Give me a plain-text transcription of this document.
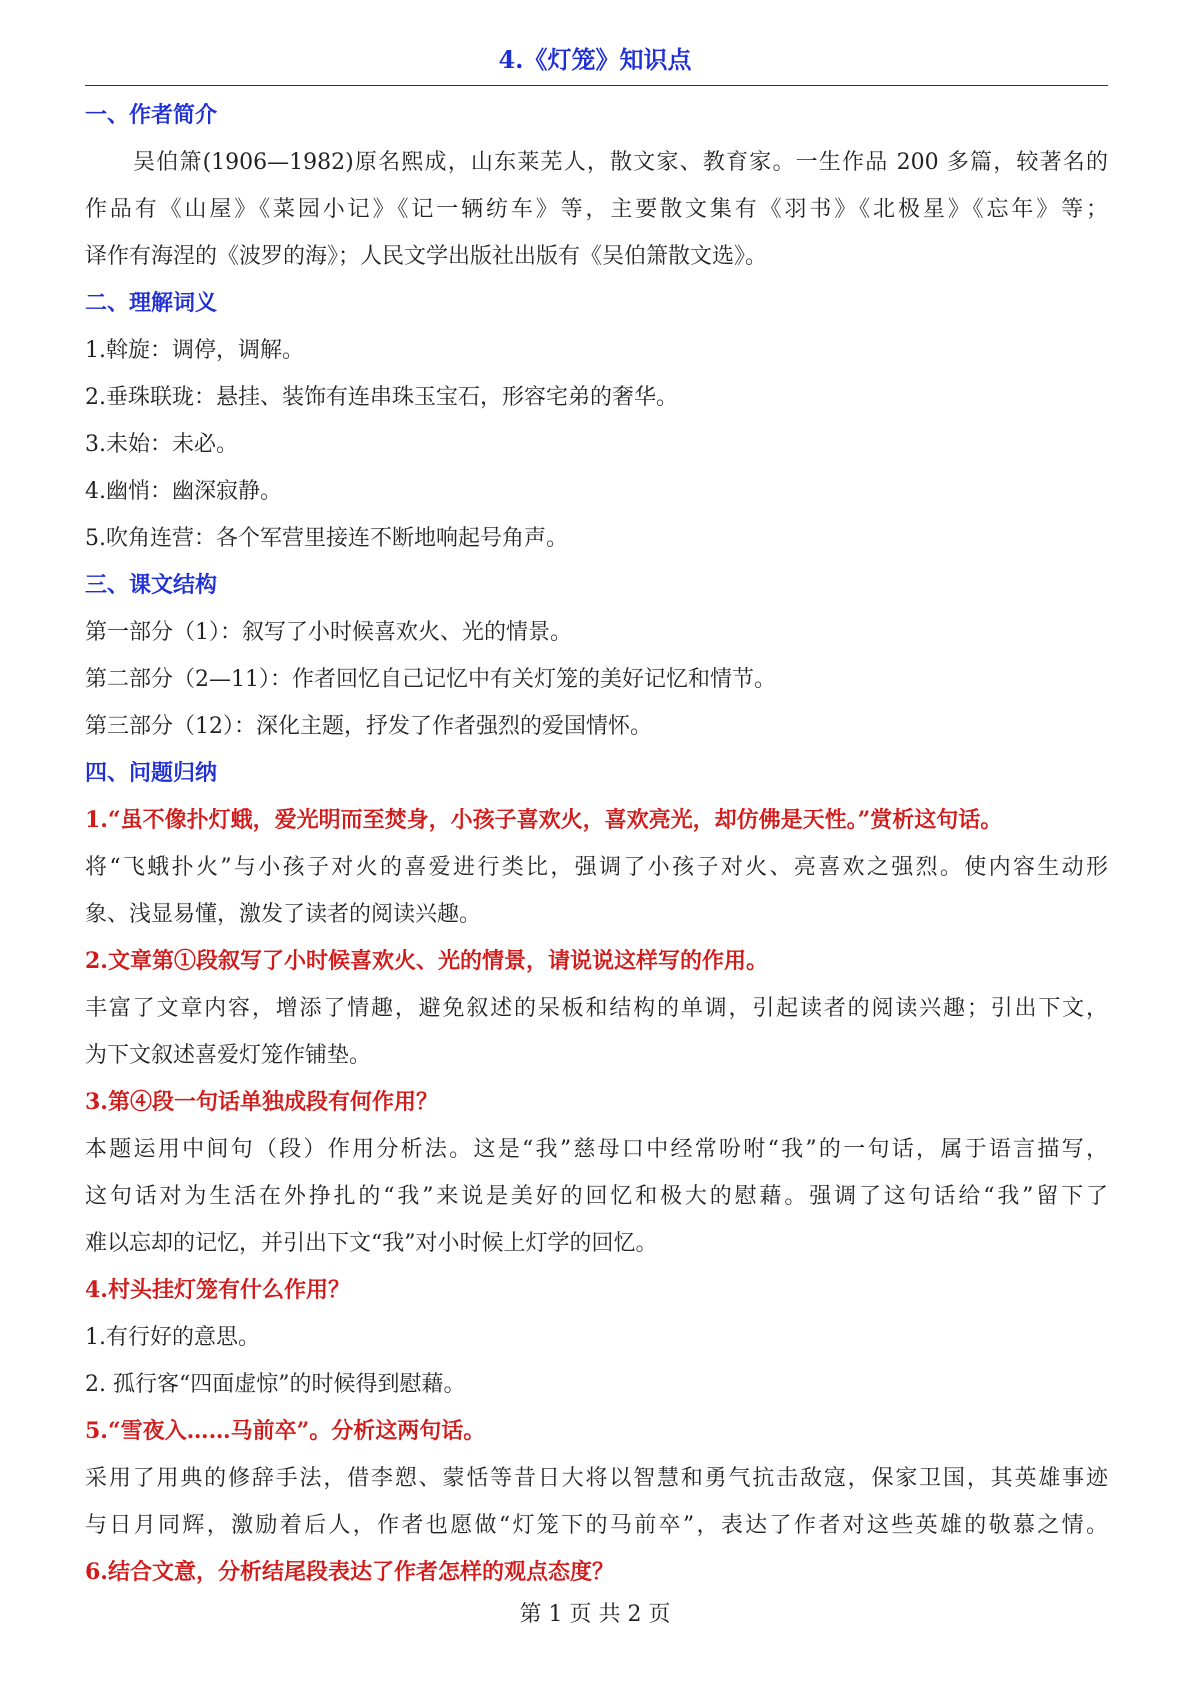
4.《灯笼》知识点
一、作者简介
吴伯箫(1906—1982)原名熙成，山东莱芜人，散文家、教育家。一生作品 200 多篇，较著名的
作品有《山屋》《菜园小记》《记一辆纺车》等，主要散文集有《羽书》《北极星》《忘年》等；
译作有海涅的《波罗的海》；人民文学出版社出版有《吴伯箫散文选》。
二、理解词义
1.斡旋：调停，调解。
2.垂珠联珑：悬挂、装饰有连串珠玉宝石，形容宅弟的奢华。
3.未始：未必。
4.幽悄：幽深寂静。
5.吹角连营：各个军营里接连不断地响起号角声。
三、课文结构
第一部分（1）：叙写了小时候喜欢火、光的情景。
第二部分（2—11）：作者回忆自己记忆中有关灯笼的美好记忆和情节。
第三部分（12）：深化主题，抒发了作者强烈的爱国情怀。
四、问题归纳
1.“虽不像扑灯蛾，爱光明而至焚身，小孩子喜欢火，喜欢亮光，却仿佛是天性。”赏析这句话。
将“飞蛾扑火”与小孩子对火的喜爱进行类比，强调了小孩子对火、亮喜欢之强烈。使内容生动形
象、浅显易懂，激发了读者的阅读兴趣。
2.文章第①段叙写了小时候喜欢火、光的情景，请说说这样写的作用。
丰富了文章内容，增添了情趣，避免叙述的呆板和结构的单调，引起读者的阅读兴趣；引出下文，
为下文叙述喜爱灯笼作铺垫。
3.第④段一句话单独成段有何作用？
本题运用中间句（段）作用分析法。这是“我”慈母口中经常吩咐“我”的一句话，属于语言描写，
这句话对为生活在外挣扎的“我”来说是美好的回忆和极大的慰藉。强调了这句话给“我”留下了
难以忘却的记忆，并引出下文“我”对小时候上灯学的回忆。
4.村头挂灯笼有什么作用？
1.有行好的意思。
2. 孤行客“四面虚惊”的时候得到慰藉。
5.“雪夜入……马前卒”。分析这两句话。
采用了用典的修辞手法，借李愬、蒙恬等昔日大将以智慧和勇气抗击敌寇，保家卫国，其英雄事迹
与日月同辉，激励着后人，作者也愿做“灯笼下的马前卒”，表达了作者对这些英雄的敬慕之情。
6.结合文意，分析结尾段表达了作者怎样的观点态度？
第 1 页 共 2 页
